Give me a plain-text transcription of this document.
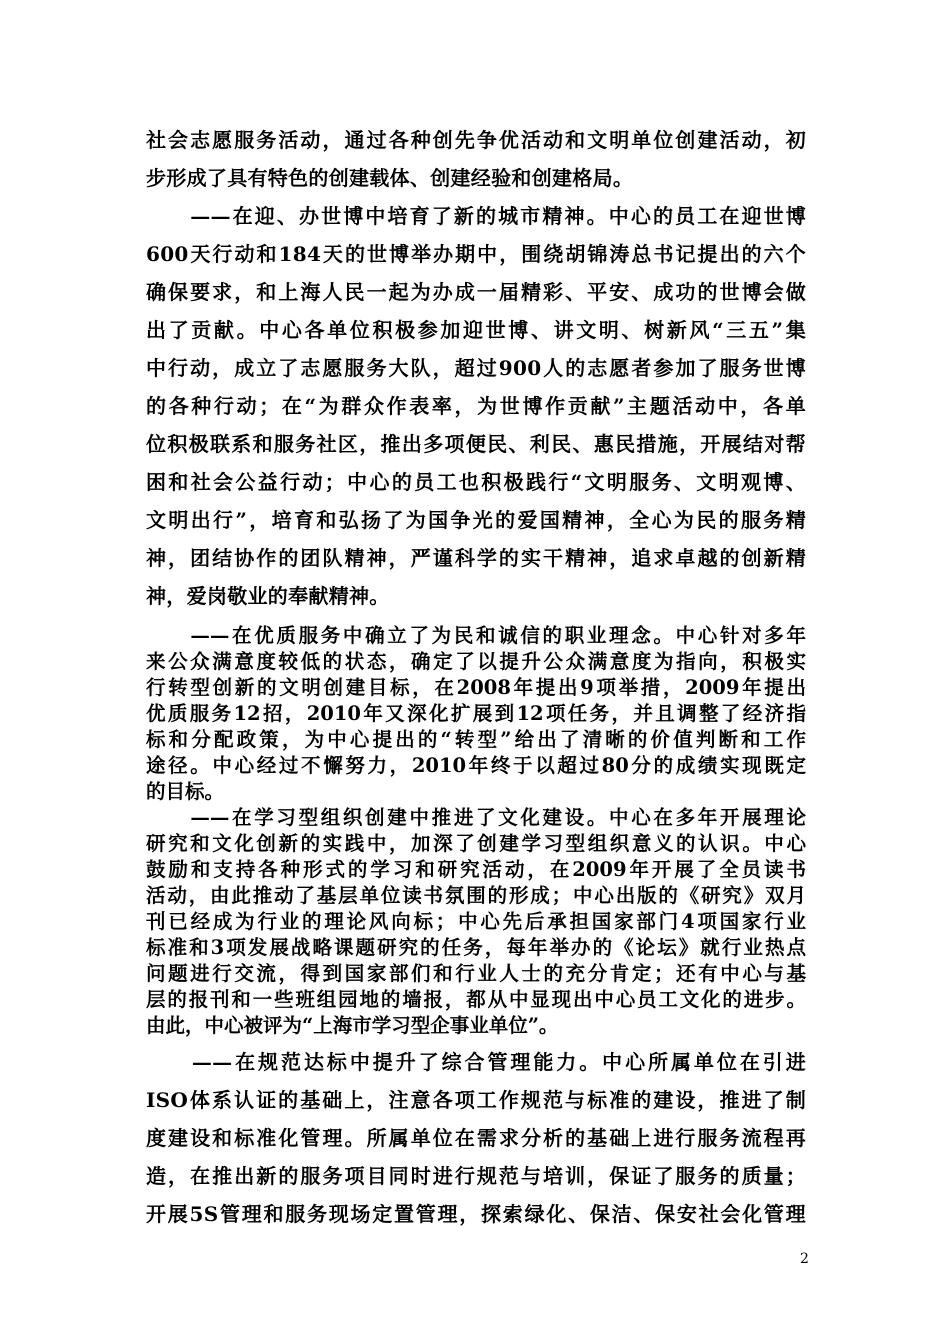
社会志愿服务活动，通过各种创先争优活动和文明单位创建活动，初
步形成了具有特色的创建载体、创建经验和创建格局。
　　——在迎、办世博中培育了新的城市精神。中心的员工在迎世博
600天行动和184天的世博举办期中，围绕胡锦涛总书记提出的六个
确保要求，和上海人民一起为办成一届精彩、平安、成功的世博会做
出了贡献。中心各单位积极参加迎世博、讲文明、树新风“三五”集
中行动，成立了志愿服务大队，超过900人的志愿者参加了服务世博
的各种行动；在“为群众作表率，为世博作贡献”主题活动中，各单
位积极联系和服务社区，推出多项便民、利民、惠民措施，开展结对帮
困和社会公益行动；中心的员工也积极践行“文明服务、文明观博、
文明出行”，培育和弘扬了为国争光的爱国精神，全心为民的服务精
神，团结协作的团队精神，严谨科学的实干精神，追求卓越的创新精
神，爱岗敬业的奉献精神。
　　——在优质服务中确立了为民和诚信的职业理念。中心针对多年
来公众满意度较低的状态，确定了以提升公众满意度为指向，积极实
行转型创新的文明创建目标，在2008年提出9项举措，2009年提出
优质服务12招，2010年又深化扩展到12项任务，并且调整了经济指
标和分配政策，为中心提出的“转型”给出了清晰的价值判断和工作
途径。中心经过不懈努力，2010年终于以超过80分的成绩实现既定
的目标。
　　——在学习型组织创建中推进了文化建设。中心在多年开展理论
研究和文化创新的实践中，加深了创建学习型组织意义的认识。中心
鼓励和支持各种形式的学习和研究活动，在2009年开展了全员读书
活动，由此推动了基层单位读书氛围的形成；中心出版的《研究》双月
刊已经成为行业的理论风向标；中心先后承担国家部门4项国家行业
标准和3项发展战略课题研究的任务，每年举办的《论坛》就行业热点
问题进行交流，得到国家部们和行业人士的充分肯定；还有中心与基
层的报刊和一些班组园地的墙报，都从中显现出中心员工文化的进步。
由此，中心被评为“上海市学习型企事业单位”。
　　——在规范达标中提升了综合管理能力。中心所属单位在引进
ISO体系认证的基础上，注意各项工作规范与标准的建设，推进了制
度建设和标准化管理。所属单位在需求分析的基础上进行服务流程再
造，在推出新的服务项目同时进行规范与培训，保证了服务的质量；
开展5S管理和服务现场定置管理，探索绿化、保洁、保安社会化管理
2
